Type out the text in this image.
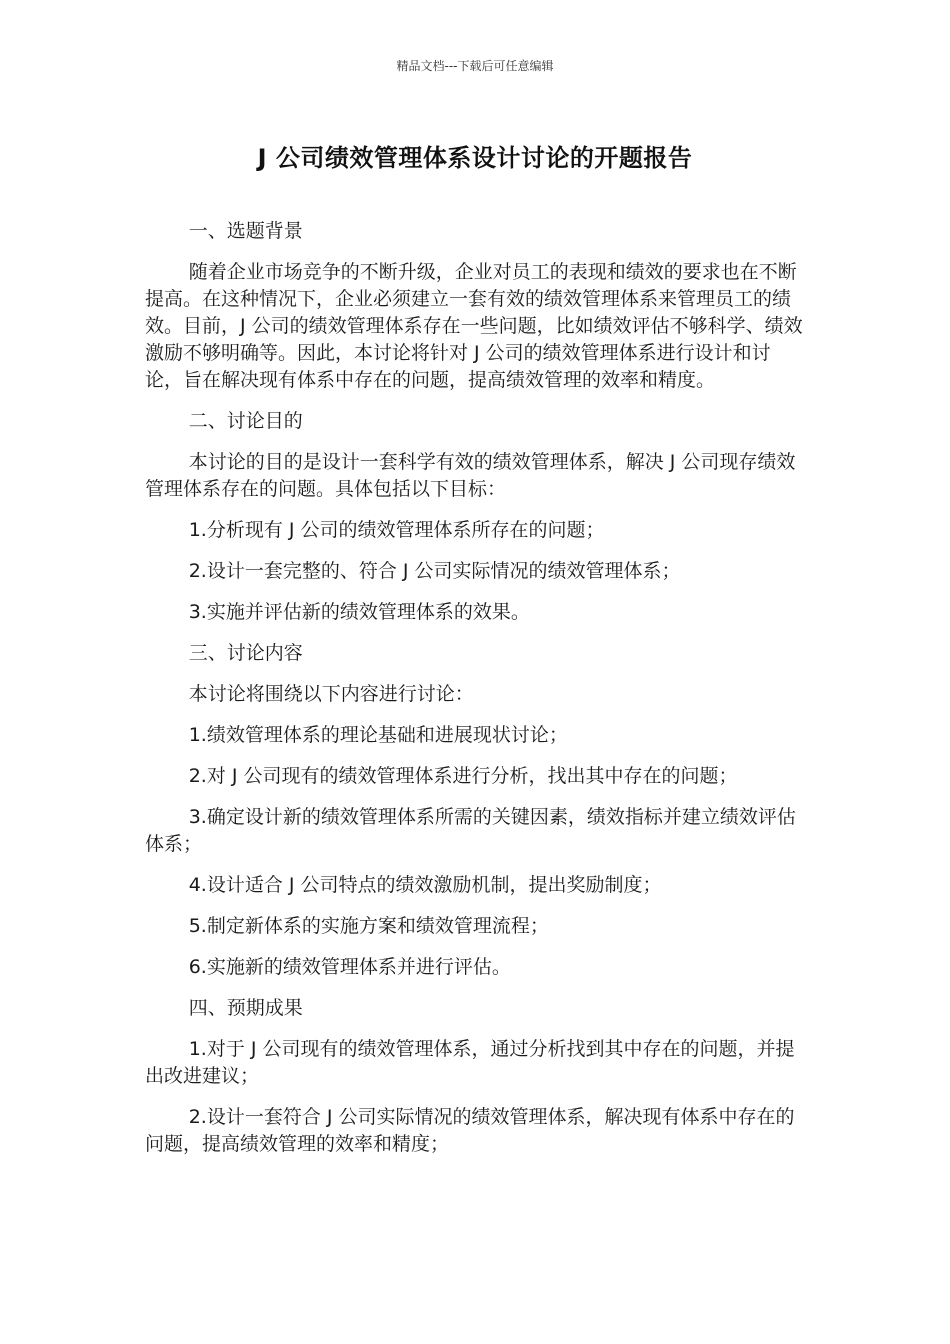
精品文档---下载后可任意编辑
J 公司绩效管理体系设计讨论的开题报告

一、选题背景

随着企业市场竞争的不断升级，企业对员工的表现和绩效的要求也在不断提高。在这种情况下，企业必须建立一套有效的绩效管理体系来管理员工的绩效。目前，J 公司的绩效管理体系存在一些问题，比如绩效评估不够科学、绩效激励不够明确等。因此，本讨论将针对 J 公司的绩效管理体系进行设计和讨论，旨在解决现有体系中存在的问题，提高绩效管理的效率和精度。

二、讨论目的

本讨论的目的是设计一套科学有效的绩效管理体系，解决 J 公司现存绩效管理体系存在的问题。具体包括以下目标：

1.分析现有 J 公司的绩效管理体系所存在的问题；

2.设计一套完整的、符合 J 公司实际情况的绩效管理体系；

3.实施并评估新的绩效管理体系的效果。

三、讨论内容

本讨论将围绕以下内容进行讨论：

1.绩效管理体系的理论基础和进展现状讨论；

2.对 J 公司现有的绩效管理体系进行分析，找出其中存在的问题；

3.确定设计新的绩效管理体系所需的关键因素，绩效指标并建立绩效评估体系；

4.设计适合 J 公司特点的绩效激励机制，提出奖励制度；

5.制定新体系的实施方案和绩效管理流程；

6.实施新的绩效管理体系并进行评估。

四、预期成果

1.对于 J 公司现有的绩效管理体系，通过分析找到其中存在的问题，并提出改进建议；

2.设计一套符合 J 公司实际情况的绩效管理体系，解决现有体系中存在的问题，提高绩效管理的效率和精度；
